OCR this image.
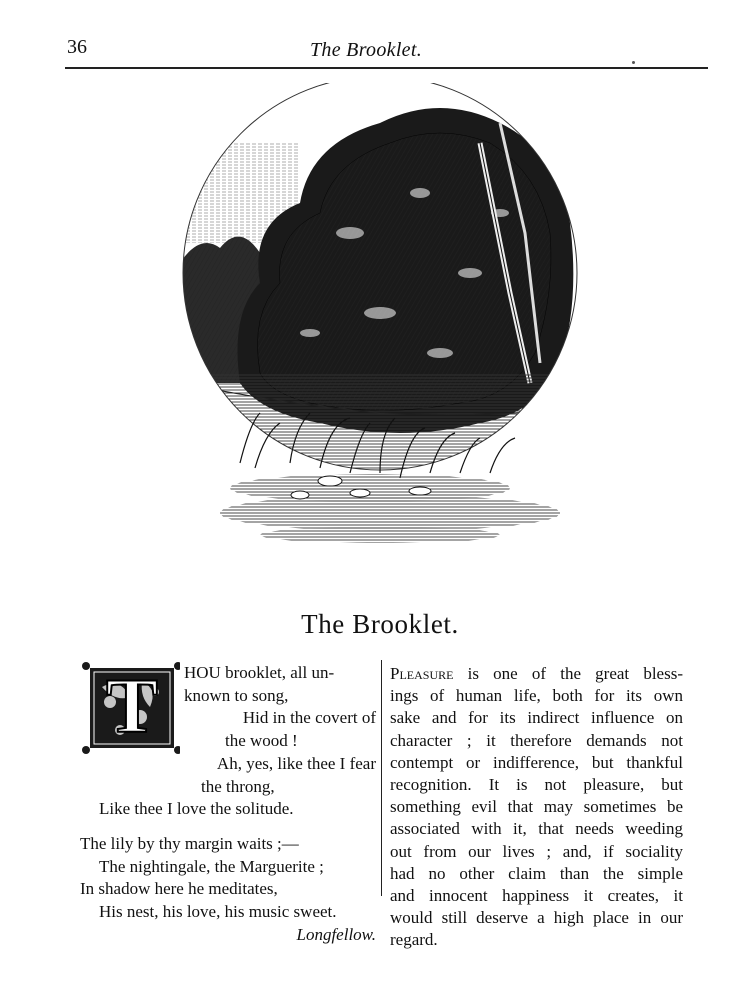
36	The Brooklet.
The Brooklet.
T	HOU brooklet, all un-
known to song,
Hid in the covert of
the wood !
Ah, yes, like thee I fear
the throng,
Like thee I love the solitude.
The lily by thy margin waits ;—
The nightingale, the Marguerite ;
In shadow here he meditates,
His nest, his love, his music sweet.
Longfellow.
Pleasure is one of the great bless-
ings of human life, both for its own
sake and for its indirect influence on
character ; it therefore demands not
contempt or indifference, but thankful
recognition. It is not pleasure, but
something evil that may sometimes be
associated with it, that needs weeding
out from our lives ; and, if sociality
had no other claim than the simple
and innocent happiness it creates, it
would still deserve a high place in our
regard.
